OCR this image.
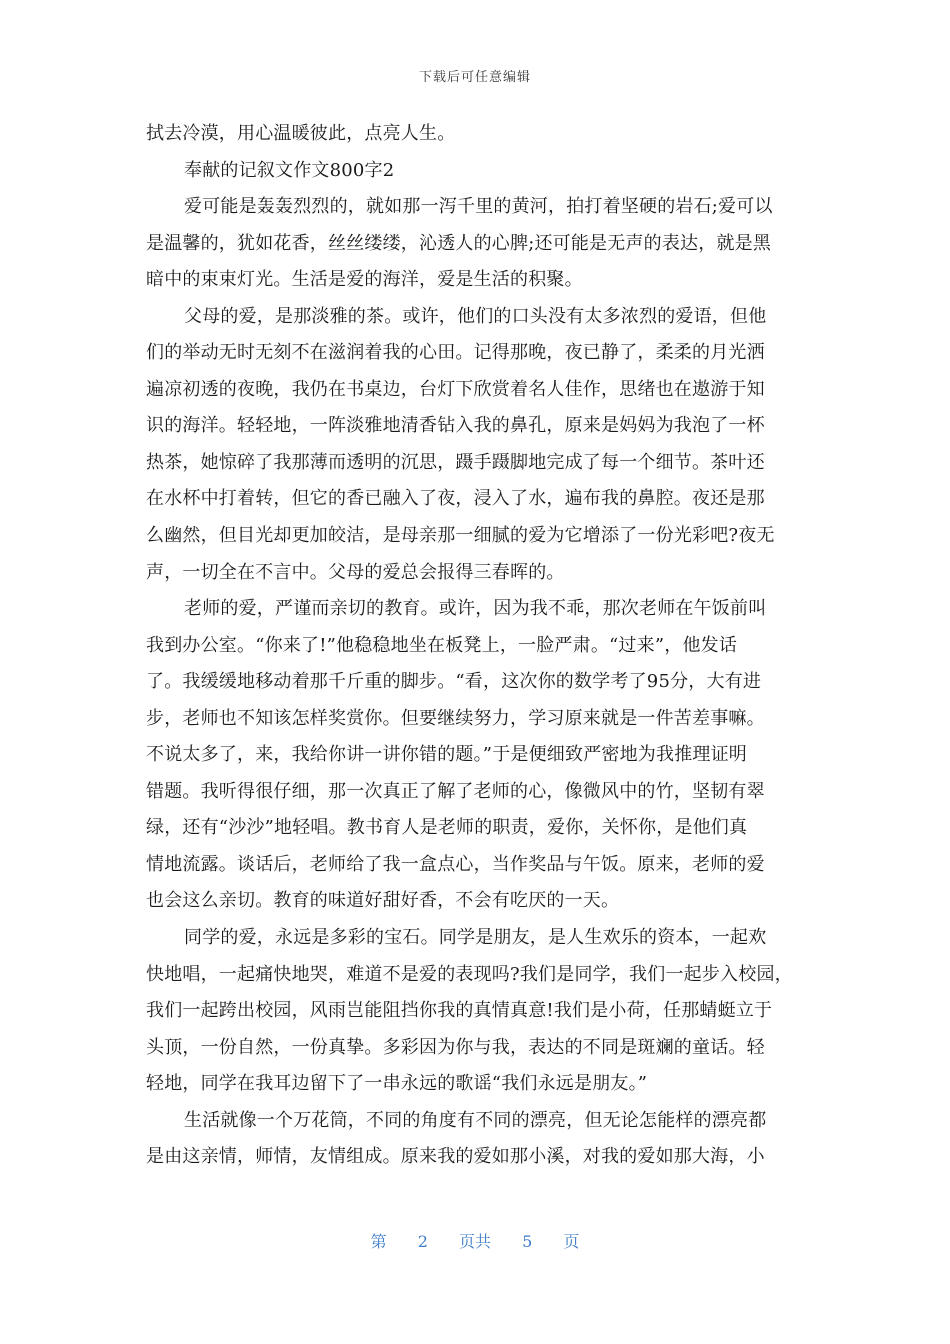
下载后可任意编辑
拭去冷漠，用心温暖彼此，点亮人生。
奉献的记叙文作文800字2
爱可能是轰轰烈烈的，就如那一泻千里的黄河，拍打着坚硬的岩石;爱可以
是温馨的，犹如花香，丝丝缕缕，沁透人的心脾;还可能是无声的表达，就是黑
暗中的束束灯光。生活是爱的海洋，爱是生活的积聚。
父母的爱，是那淡雅的茶。或许，他们的口头没有太多浓烈的爱语，但他
们的举动无时无刻不在滋润着我的心田。记得那晚，夜已静了，柔柔的月光洒
遍凉初透的夜晚，我仍在书桌边，台灯下欣赏着名人佳作，思绪也在遨游于知
识的海洋。轻轻地，一阵淡雅地清香钻入我的鼻孔，原来是妈妈为我泡了一杯
热茶，她惊碎了我那薄而透明的沉思，蹑手蹑脚地完成了每一个细节。茶叶还
在水杯中打着转，但它的香已融入了夜，浸入了水，遍布我的鼻腔。夜还是那
么幽然，但目光却更加皎洁，是母亲那一细腻的爱为它增添了一份光彩吧?夜无
声，一切全在不言中。父母的爱总会报得三春晖的。
老师的爱，严谨而亲切的教育。或许，因为我不乖，那次老师在午饭前叫
我到办公室。“你来了!”他稳稳地坐在板凳上，一脸严肃。“过来”，他发话
了。我缓缓地移动着那千斤重的脚步。“看，这次你的数学考了95分，大有进
步，老师也不知该怎样奖赏你。但要继续努力，学习原来就是一件苦差事嘛。
不说太多了，来，我给你讲一讲你错的题。”于是便细致严密地为我推理证明
错题。我听得很仔细，那一次真正了解了老师的心，像微风中的竹，坚韧有翠
绿，还有“沙沙”地轻唱。教书育人是老师的职责，爱你，关怀你，是他们真
情地流露。谈话后，老师给了我一盒点心，当作奖品与午饭。原来，老师的爱
也会这么亲切。教育的味道好甜好香，不会有吃厌的一天。
同学的爱，永远是多彩的宝石。同学是朋友，是人生欢乐的资本，一起欢
快地唱，一起痛快地哭，难道不是爱的表现吗?我们是同学，我们一起步入校园，
我们一起跨出校园，风雨岂能阻挡你我的真情真意!我们是小荷，任那蜻蜓立于
头顶，一份自然，一份真挚。多彩因为你与我，表达的不同是斑斓的童话。轻
轻地，同学在我耳边留下了一串永远的歌谣“我们永远是朋友。”
生活就像一个万花筒，不同的角度有不同的漂亮，但无论怎能样的漂亮都
是由这亲情，师情，友情组成。原来我的爱如那小溪，对我的爱如那大海，小
第 2 页共 5 页
